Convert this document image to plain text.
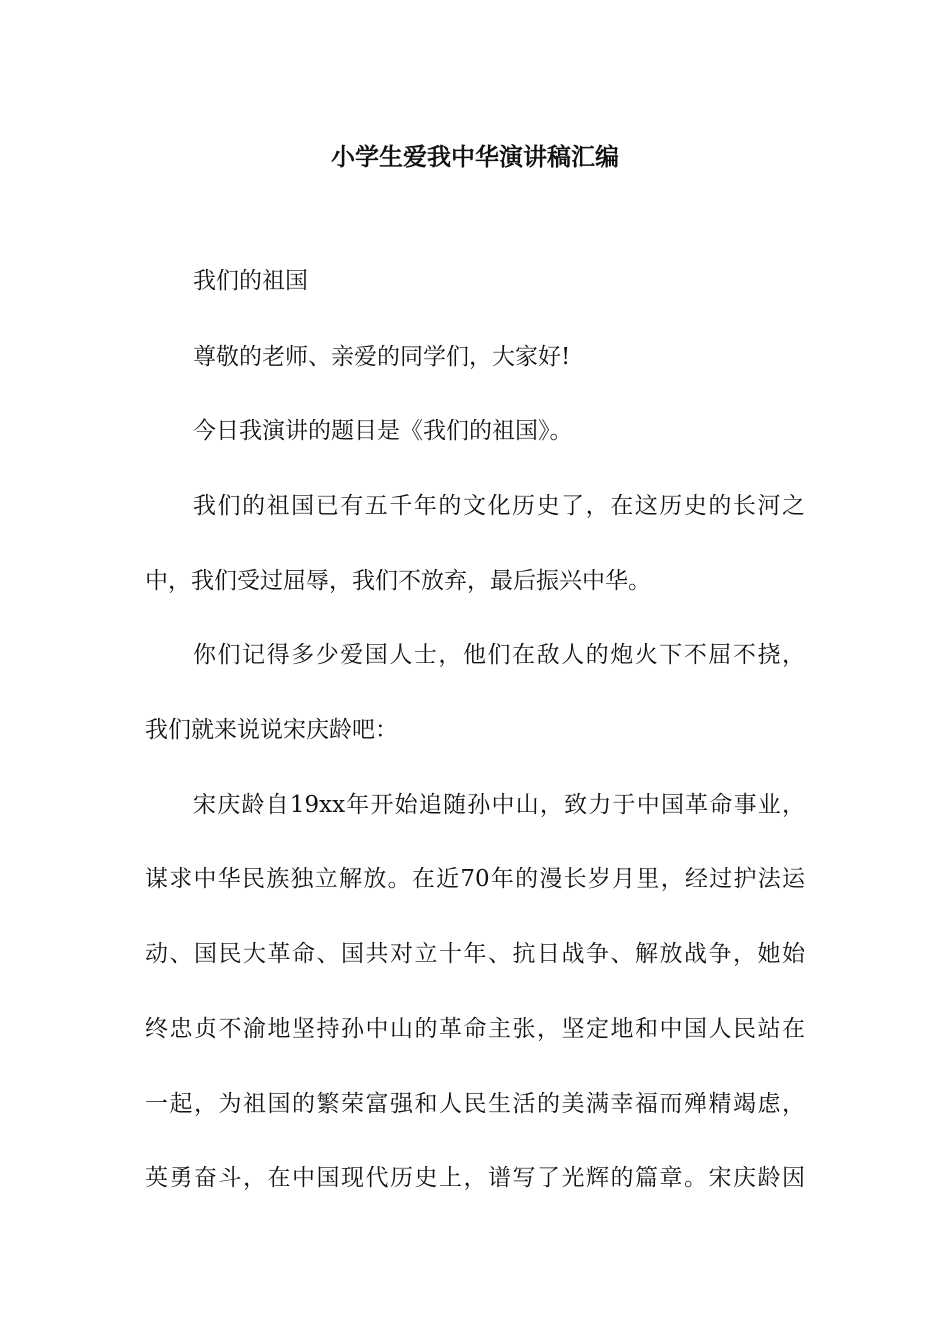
小学生爱我中华演讲稿汇编
我们的祖国
尊敬的老师、亲爱的同学们，大家好!
今日我演讲的题目是《我们的祖国》。
我们的祖国已有五千年的文化历史了，在这历史的长河之
中，我们受过屈辱，我们不放弃，最后振兴中华。
你们记得多少爱国人士，他们在敌人的炮火下不屈不挠，
我们就来说说宋庆龄吧：
宋庆龄自19xx年开始追随孙中山，致力于中国革命事业，
谋求中华民族独立解放。在近70年的漫长岁月里，经过护法运
动、国民大革命、国共对立十年、抗日战争、解放战争，她始
终忠贞不渝地坚持孙中山的革命主张，坚定地和中国人民站在
一起，为祖国的繁荣富强和人民生活的美满幸福而殚精竭虑，
英勇奋斗，在中国现代历史上，谱写了光辉的篇章。宋庆龄因
